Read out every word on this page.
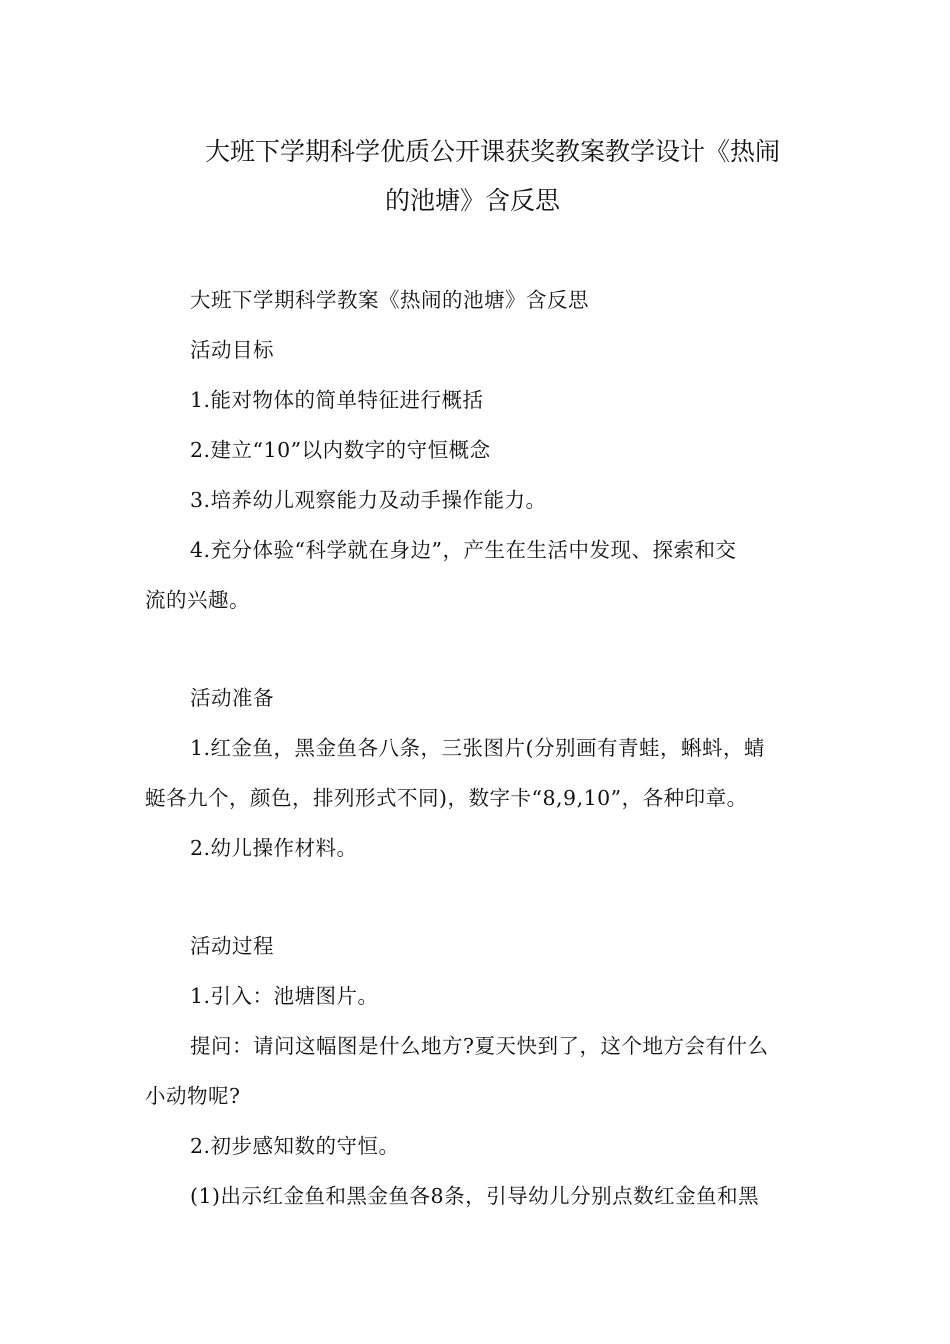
大班下学期科学优质公开课获奖教案教学设计《热闹
的池塘》含反思
大班下学期科学教案《热闹的池塘》含反思
活动目标
1.能对物体的简单特征进行概括
2.建立“10”以内数字的守恒概念
3.培养幼儿观察能力及动手操作能力。
4.充分体验“科学就在身边”，产生在生活中发现、探索和交
流的兴趣。
活动准备
1.红金鱼，黑金鱼各八条，三张图片(分别画有青蛙，蝌蚪，蜻
蜓各九个，颜色，排列形式不同)，数字卡“8,9,10”，各种印章。
2.幼儿操作材料。
活动过程
1.引入：池塘图片。
提问：请问这幅图是什么地方?夏天快到了，这个地方会有什么
小动物呢?
2.初步感知数的守恒。
(1)出示红金鱼和黑金鱼各8条，引导幼儿分别点数红金鱼和黑
